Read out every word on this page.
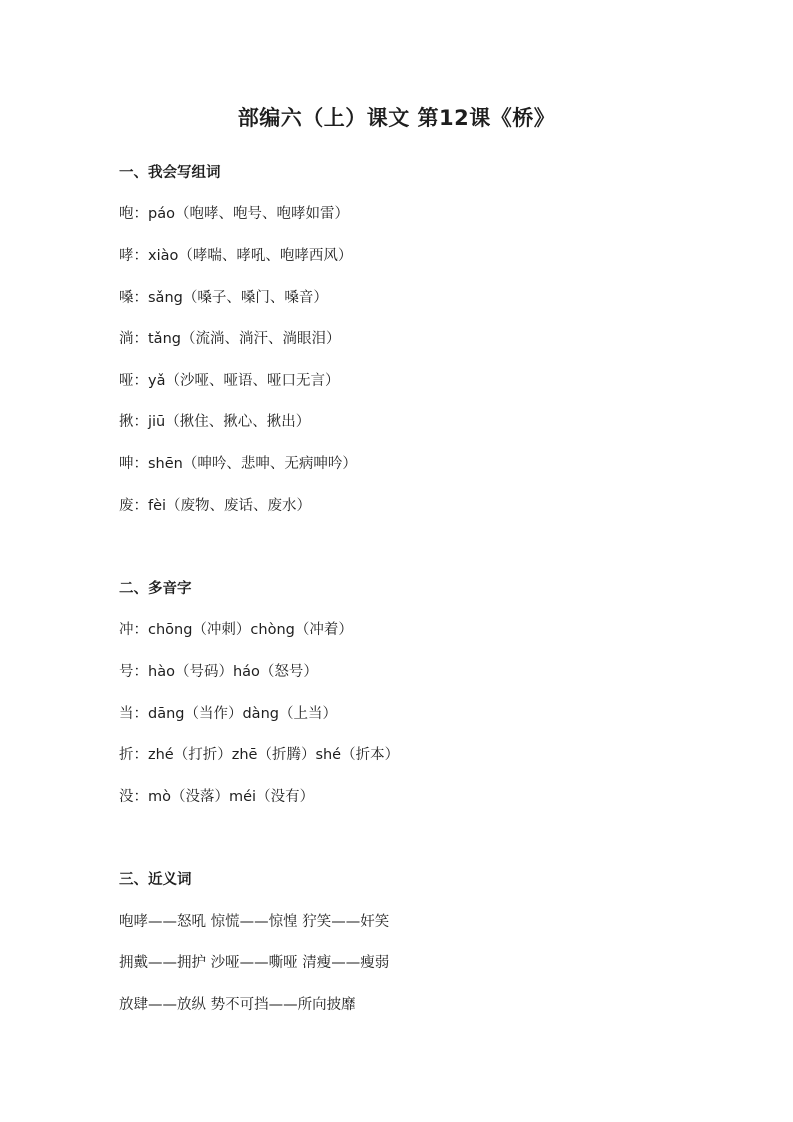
部编六（上）课文 第12课《桥》
一、我会写组词
咆：páo（咆哮、咆号、咆哮如雷）
哮：xiào（哮喘、哮吼、咆哮西风）
嗓：sǎng（嗓子、嗓门、嗓音）
淌：tǎng（流淌、淌汗、淌眼泪）
哑：yǎ（沙哑、哑语、哑口无言）
揪：jiū（揪住、揪心、揪出）
呻：shēn（呻吟、悲呻、无病呻吟）
废：fèi（废物、废话、废水）
二、多音字
冲：chōng（冲刺）chòng（冲着）
号：hào（号码）háo（怒号）
当：dāng（当作）dàng（上当）
折：zhé（打折）zhē（折腾）shé（折本）
没：mò（没落）méi（没有）
三、近义词
咆哮——怒吼 惊慌——惊惶 狞笑——奸笑
拥戴——拥护 沙哑——嘶哑 清瘦——瘦弱
放肆——放纵 势不可挡——所向披靡
